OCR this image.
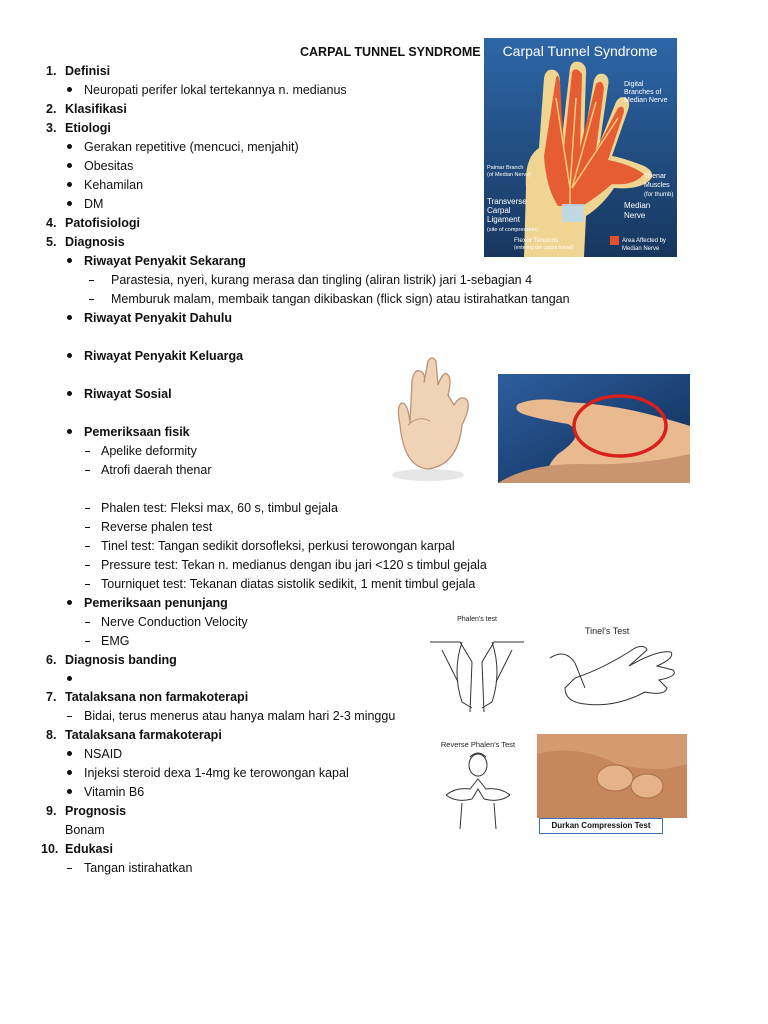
CARPAL TUNNEL SYNDROME
1. Definisi
Neuropati perifer lokal tertekannya n. medianus
2. Klasifikasi
3. Etiologi
Gerakan repetitive (mencuci, menjahit)
Obesitas
Kehamilan
DM
4. Patofisiologi
5. Diagnosis
Riwayat Penyakit Sekarang
Parastesia, nyeri, kurang merasa dan tingling (aliran listrik) jari 1-sebagian 4
Memburuk malam, membaik tangan dikibaskan (flick sign) atau istirahatkan tangan
Riwayat Penyakit Dahulu
Riwayat Penyakit Keluarga
Riwayat Sosial
Pemeriksaan fisik
Apelike deformity
Atrofi daerah thenar
Phalen test: Fleksi max, 60 s, timbul gejala
Reverse phalen test
Tinel test: Tangan sedikit dorsofleksi, perkusi terowongan karpal
Pressure test: Tekan n. medianus dengan ibu jari <120 s timbul gejala
Tourniquet test: Tekanan diatas sistolik sedikit, 1 menit timbul gejala
Pemeriksaan penunjang
Nerve Conduction Velocity
EMG
6. Diagnosis banding
7. Tatalaksana non farmakoterapi
Bidai, terus menerus atau hanya malam hari 2-3 minggu
8. Tatalaksana farmakoterapi
NSAID
Injeksi steroid dexa 1-4mg ke terowongan kapal
Vitamin B6
9. Prognosis
Bonam
10. Edukasi
Tangan istirahatkan
Carpal Tunnel Syndrome
Digital
Branches of
Median Nerve
Palmar Branch
(of Median Nerve)	Thenar
Muscles
(for thumb)
Transverse
Carpal
Ligament
(site of compression)
Median
Nerve
Flexor Tendons
(entering the carpal tunnel)
Area Affected by
Median Nerve
Phalen's test
Tinel's Test
Reverse Phalen's Test
Durkan Compression Test
